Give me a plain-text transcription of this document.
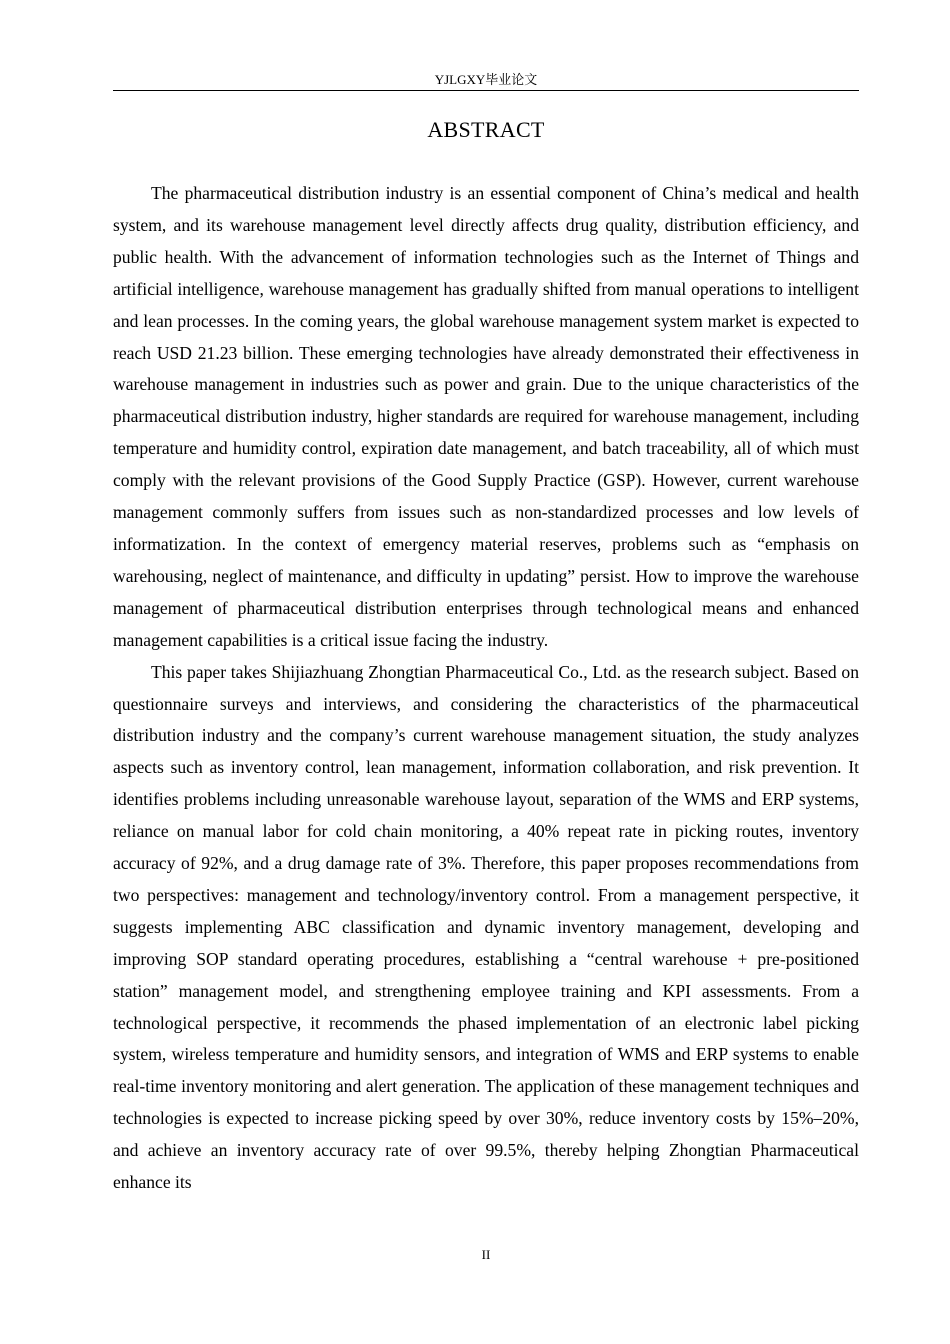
YJLGXY毕业论文
ABSTRACT

The pharmaceutical distribution industry is an essential component of China’s medical and health system, and its warehouse management level directly affects drug quality, distribution efficiency, and public health. With the advancement of information technologies such as the Internet of Things and artificial intelligence, warehouse management has gradually shifted from manual operations to intelligent and lean processes. In the coming years, the global warehouse management system market is expected to reach USD 21.23 billion. These emerging technologies have already demonstrated their effectiveness in warehouse management in industries such as power and grain. Due to the unique characteristics of the pharmaceutical distribution industry, higher standards are required for warehouse management, including temperature and humidity control, expiration date management, and batch traceability, all of which must comply with the relevant provisions of the Good Supply Practice (GSP). However, current warehouse management commonly suffers from issues such as non-standardized processes and low levels of informatization. In the context of emergency material reserves, problems such as “emphasis on warehousing, neglect of maintenance, and difficulty in updating” persist. How to improve the warehouse management of pharmaceutical distribution enterprises through technological means and enhanced management capabilities is a critical issue facing the industry.

This paper takes Shijiazhuang Zhongtian Pharmaceutical Co., Ltd. as the research subject. Based on questionnaire surveys and interviews, and considering the characteristics of the pharmaceutical distribution industry and the company’s current warehouse management situation, the study analyzes aspects such as inventory control, lean management, information collaboration, and risk prevention. It identifies problems including unreasonable warehouse layout, separation of the WMS and ERP systems, reliance on manual labor for cold chain monitoring, a 40% repeat rate in picking routes, inventory accuracy of 92%, and a drug damage rate of 3%. Therefore, this paper proposes recommendations from two perspectives: management and technology/inventory control. From a management perspective, it suggests implementing ABC classification and dynamic inventory management, developing and improving SOP standard operating procedures, establishing a “central warehouse + pre-positioned station” management model, and strengthening employee training and KPI assessments. From a technological perspective, it recommends the phased implementation of an electronic label picking system, wireless temperature and humidity sensors, and integration of WMS and ERP systems to enable real-time inventory monitoring and alert generation. The application of these management techniques and technologies is expected to increase picking speed by over 30%, reduce inventory costs by 15%–20%, and achieve an inventory accuracy rate of over 99.5%, thereby helping Zhongtian Pharmaceutical enhance its

II
